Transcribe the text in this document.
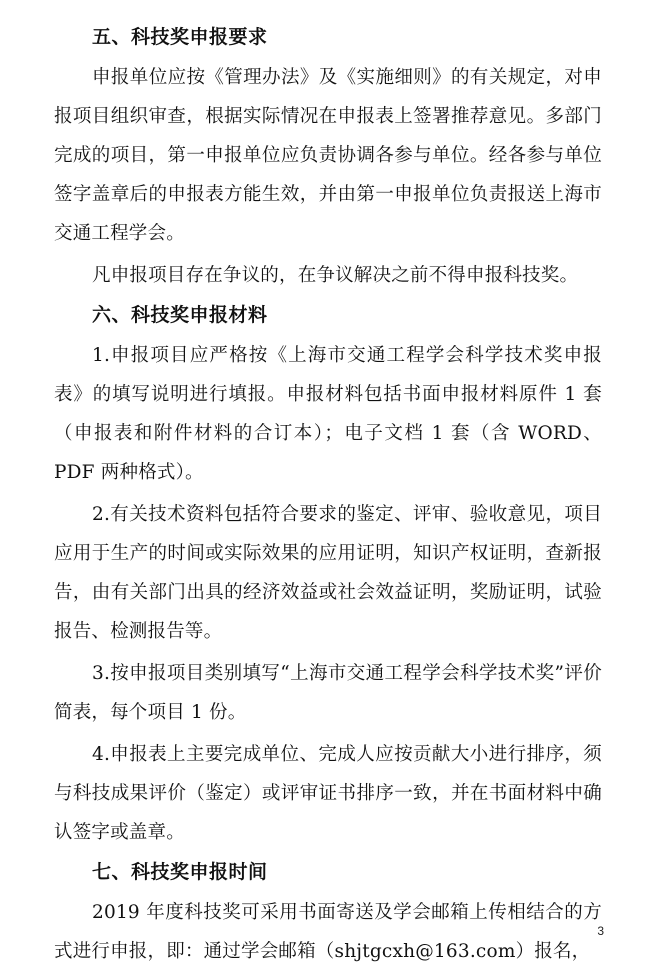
五、科技奖申报要求

申报单位应按《管理办法》及《实施细则》的有关规定，对申报项目组织审查，根据实际情况在申报表上签署推荐意见。多部门完成的项目，第一申报单位应负责协调各参与单位。经各参与单位签字盖章后的申报表方能生效，并由第一申报单位负责报送上海市交通工程学会。

凡申报项目存在争议的，在争议解决之前不得申报科技奖。

六、科技奖申报材料

1.申报项目应严格按《上海市交通工程学会科学技术奖申报表》的填写说明进行填报。申报材料包括书面申报材料原件 1 套（申报表和附件材料的合订本）；电子文档 1 套（含 WORD、PDF 两种格式）。

2.有关技术资料包括符合要求的鉴定、评审、验收意见，项目应用于生产的时间或实际效果的应用证明，知识产权证明，查新报告，由有关部门出具的经济效益或社会效益证明，奖励证明，试验报告、检测报告等。

3.按申报项目类别填写“上海市交通工程学会科学技术奖”评价简表，每个项目 1 份。

4.申报表上主要完成单位、完成人应按贡献大小进行排序，须与科技成果评价（鉴定）或评审证书排序一致，并在书面材料中确认签字或盖章。

七、科技奖申报时间

2019 年度科技奖可采用书面寄送及学会邮箱上传相结合的方式进行申报，即：通过学会邮箱（shjtgcxh@163.com）报名，

3
